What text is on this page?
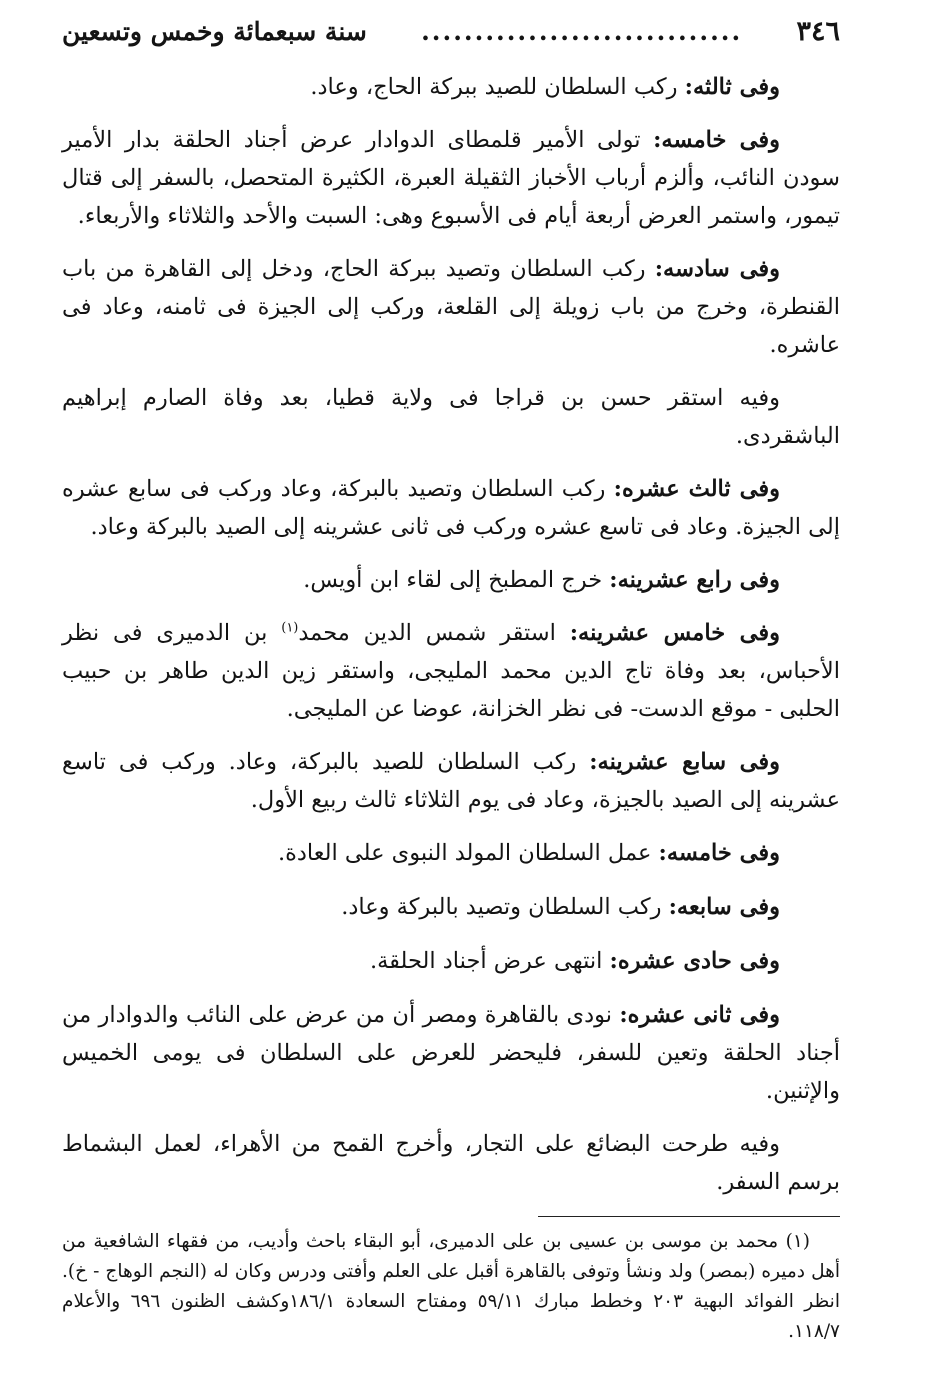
٣٤٦
..............................
سنة سبعمائة وخمس وتسعين

وفى ثالثه: ركب السلطان للصيد ببركة الحاج، وعاد.

وفى خامسه: تولى الأمير قلمطاى الدوادار عرض أجناد الحلقة بدار الأمير سودن النائب، وألزم أرباب الأخباز الثقيلة العبرة، الكثيرة المتحصل، بالسفر إلى قتال تيمور، واستمر العرض أربعة أيام فى الأسبوع وهى: السبت والأحد والثلاثاء والأربعاء.

وفى سادسه: ركب السلطان وتصيد ببركة الحاج، ودخل إلى القاهرة من باب القنطرة، وخرج من باب زويلة إلى القلعة، وركب إلى الجيزة فى ثامنه، وعاد فى عاشره.

وفيه استقر حسن بن قراجا فى ولاية قطيا، بعد وفاة الصارم إبراهيم الباشقردى.

وفى ثالث عشره: ركب السلطان وتصيد بالبركة، وعاد وركب فى سابع عشره إلى الجيزة. وعاد فى تاسع عشره وركب فى ثانى عشرينه إلى الصيد بالبركة وعاد.

وفى رابع عشرينه: خرج المطبخ إلى لقاء ابن أويس.

وفى خامس عشرينه: استقر شمس الدين محمد$^{(١)}$ بن الدميرى فى نظر الأحباس، بعد وفاة تاج الدين محمد المليجى، واستقر زين الدين طاهر بن حبيب الحلبى - موقع الدست- فى نظر الخزانة، عوضا عن المليجى.

وفى سابع عشرينه: ركب السلطان للصيد بالبركة، وعاد. وركب فى تاسع عشرينه إلى الصيد بالجيزة، وعاد فى يوم الثلاثاء ثالث ربيع الأول.

وفى خامسه: عمل السلطان المولد النبوى على العادة.

وفى سابعه: ركب السلطان وتصيد بالبركة وعاد.

وفى حادى عشره: انتهى عرض أجناد الحلقة.

وفى ثانى عشره: نودى بالقاهرة ومصر أن من عرض على النائب والدوادار من أجناد الحلقة وتعين للسفر، فليحضر للعرض على السلطان فى يومى الخميس والإثنين.

وفيه طرحت البضائع على التجار، وأخرج القمح من الأهراء، لعمل البشماط برسم السفر.

(١) محمد بن موسى بن عسيى بن على الدميرى، أبو البقاء باحث وأديب، من فقهاء الشافعية من أهل دميره (بمصر) ولد ونشأ وتوفى بالقاهرة أقبل على العلم وأفتى ودرس وكان له (النجم الوهاج - خ). انظر الفوائد البهية ٢٠٣ وخطط مبارك ٥٩/١١ ومفتاح السعادة ١٨٦/١وكشف الظنون ٦٩٦ والأعلام ١١٨/٧.
